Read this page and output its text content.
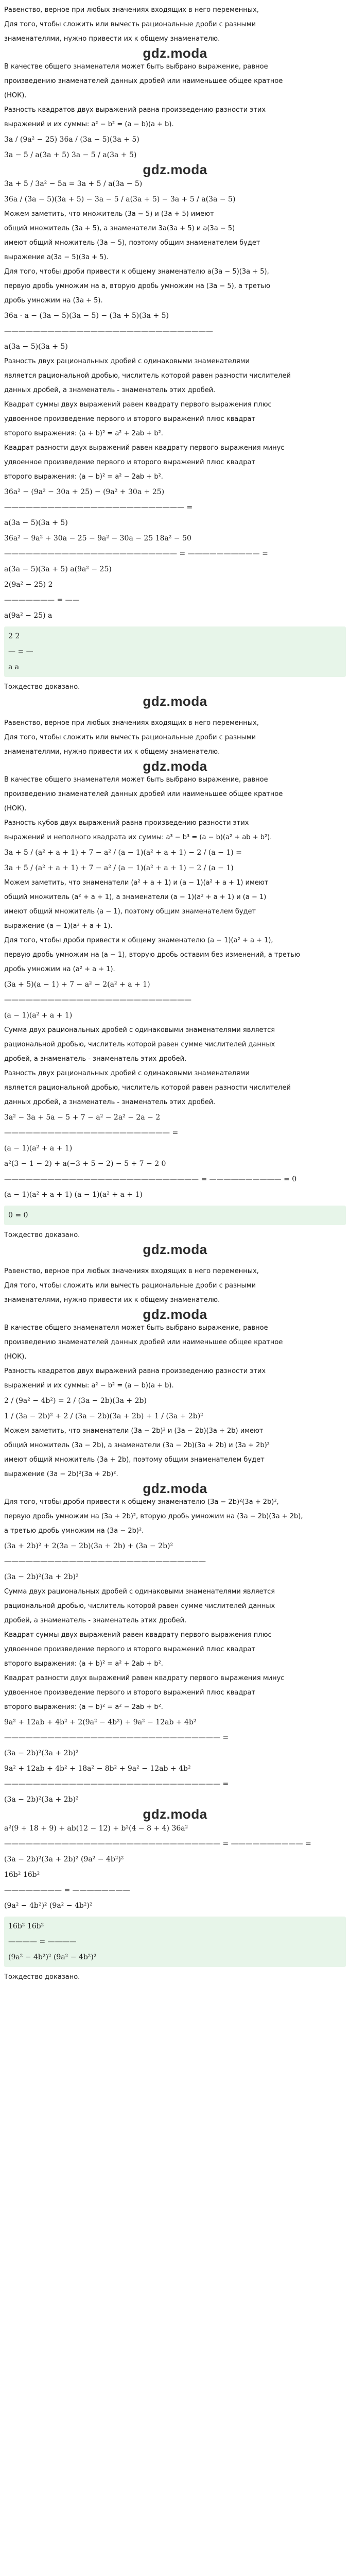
Равенство, верное при любых значениях входящих в него переменных,
Для того, чтобы сложить или вычесть рациональные дроби с разными
знаменателями, нужно привести их к общему знаменателю.
gdz.moda
В качестве общего знаменателя может быть выбрано выражение, равное
произведению знаменателей данных дробей или наименьшее общее кратное
(НОК).
Разность квадратов двух выражений равна произведению разности этих
выражений и их суммы: a² − b² = (a − b)(a + b).
3a / (9a² − 25) 36a / (3a − 5)(3a + 5)
3a − 5 / a(3a + 5) 3a − 5 / a(3a + 5)
gdz.moda
3a + 5 / 3a² − 5a = 3a + 5 / a(3a − 5)
36a / (3a − 5)(3a + 5) − 3a − 5 / a(3a + 5) − 3a + 5 / a(3a − 5)
Можем заметить, что множитель (3a − 5) и (3a + 5) имеют
общий множитель (3a + 5), а знаменатели 3a(3a + 5) и a(3a − 5)
имеют общий множитель (3a − 5), поэтому общим знаменателем будет
выражение a(3a − 5)(3a + 5).
Для того, чтобы дроби привести к общему знаменателю a(3a − 5)(3a + 5),
первую дробь умножим на a, вторую дробь умножим на (3a − 5), а третью
дробь умножим на (3a + 5).
36a · a − (3a − 5)(3a − 5) − (3a + 5)(3a + 5)
—————————————————————————————
a(3a − 5)(3a + 5)
Разность двух рациональных дробей с одинаковыми знаменателями
является рациональной дробью, числитель которой равен разности числителей
данных дробей, а знаменатель - знаменатель этих дробей.
Квадрат суммы двух выражений равен квадрату первого выражения плюс
удвоенное произведение первого и второго выражений плюс квадрат
второго выражения: (a + b)² = a² + 2ab + b².
Квадрат разности двух выражений равен квадрату первого выражения минус
удвоенное произведение первого и второго выражений плюс квадрат
второго выражения: (a − b)² = a² − 2ab + b².
36a² − (9a² − 30a + 25) − (9a² + 30a + 25)
————————————————————————— =
a(3a − 5)(3a + 5)
36a² − 9a² + 30a − 25 − 9a² − 30a − 25 18a² − 50
———————————————————————— = —————————— =
a(3a − 5)(3a + 5) a(9a² − 25)
2(9a² − 25) 2
——————— = ——
a(9a² − 25) a
2 2
— = —
a a
Тождество доказано.
gdz.moda
Равенство, верное при любых значениях входящих в него переменных,
Для того, чтобы сложить или вычесть рациональные дроби с разными
знаменателями, нужно привести их к общему знаменателю.
gdz.moda
В качестве общего знаменателя может быть выбрано выражение, равное
произведению знаменателей данных дробей или наименьшее общее кратное
(НОК).
Разность кубов двух выражений равна произведению разности этих
выражений и неполного квадрата их суммы: a³ − b³ = (a − b)(a² + ab + b²).
3a + 5 / (a² + a + 1) + 7 − a² / (a − 1)(a² + a + 1) − 2 / (a − 1) =
3a + 5 / (a² + a + 1) + 7 − a² / (a − 1)(a² + a + 1) − 2 / (a − 1)
Можем заметить, что знаменатели (a² + a + 1) и (a − 1)(a² + a + 1) имеют
общий множитель (a² + a + 1), а знаменатели (a − 1)(a² + a + 1) и (a − 1)
имеют общий множитель (a − 1), поэтому общим знаменателем будет
выражение (a − 1)(a² + a + 1).
Для того, чтобы дроби привести к общему знаменателю (a − 1)(a² + a + 1),
первую дробь умножим на (a − 1), вторую дробь оставим без изменений, а третью
дробь умножим на (a² + a + 1).
(3a + 5)(a − 1) + 7 − a² − 2(a² + a + 1)
——————————————————————————
(a − 1)(a² + a + 1)
Сумма двух рациональных дробей с одинаковыми знаменателями является
рациональной дробью, числитель которой равен сумме числителей данных
дробей, а знаменатель - знаменатель этих дробей.
Разность двух рациональных дробей с одинаковыми знаменателями
является рациональной дробью, числитель которой равен разности числителей
данных дробей, а знаменатель - знаменатель этих дробей.
3a² − 3a + 5a − 5 + 7 − a² − 2a² − 2a − 2
——————————————————————— =
(a − 1)(a² + a + 1)
a²(3 − 1 − 2) + a(−3 + 5 − 2) − 5 + 7 − 2 0
——————————————————————————— = —————————— = 0
(a − 1)(a² + a + 1) (a − 1)(a² + a + 1)
0 = 0
Тождество доказано.
gdz.moda
Равенство, верное при любых значениях входящих в него переменных,
Для того, чтобы сложить или вычесть рациональные дроби с разными
знаменателями, нужно привести их к общему знаменателю.
gdz.moda
В качестве общего знаменателя может быть выбрано выражение, равное
произведению знаменателей данных дробей или наименьшее общее кратное
(НОК).
Разность квадратов двух выражений равна произведению разности этих
выражений и их суммы: a² − b² = (a − b)(a + b).
2 / (9a² − 4b²) = 2 / (3a − 2b)(3a + 2b)
1 / (3a − 2b)² + 2 / (3a − 2b)(3a + 2b) + 1 / (3a + 2b)²
Можем заметить, что знаменатели (3a − 2b)² и (3a − 2b)(3a + 2b) имеют
общий множитель (3a − 2b), а знаменатели (3a − 2b)(3a + 2b) и (3a + 2b)²
имеют общий множитель (3a + 2b), поэтому общим знаменателем будет
выражение (3a − 2b)²(3a + 2b)².
gdz.moda
Для того, чтобы дроби привести к общему знаменателю (3a − 2b)²(3a + 2b)²,
первую дробь умножим на (3a + 2b)², вторую дробь умножим на (3a − 2b)(3a + 2b),
а третью дробь умножим на (3a − 2b)².
(3a + 2b)² + 2(3a − 2b)(3a + 2b) + (3a − 2b)²
————————————————————————————
(3a − 2b)²(3a + 2b)²
Сумма двух рациональных дробей с одинаковыми знаменателями является
рациональной дробью, числитель которой равен сумме числителей данных
дробей, а знаменатель - знаменатель этих дробей.
Квадрат суммы двух выражений равен квадрату первого выражения плюс
удвоенное произведение первого и второго выражений плюс квадрат
второго выражения: (a + b)² = a² + 2ab + b².
Квадрат разности двух выражений равен квадрату первого выражения минус
удвоенное произведение первого и второго выражений плюс квадрат
второго выражения: (a − b)² = a² − 2ab + b².
9a² + 12ab + 4b² + 2(9a² − 4b²) + 9a² − 12ab + 4b²
—————————————————————————————— =
(3a − 2b)²(3a + 2b)²
9a² + 12ab + 4b² + 18a² − 8b² + 9a² − 12ab + 4b²
—————————————————————————————— =
(3a − 2b)²(3a + 2b)²
gdz.moda
a²(9 + 18 + 9) + ab(12 − 12) + b²(4 − 8 + 4) 36a²
—————————————————————————————— = —————————— =
(3a − 2b)²(3a + 2b)² (9a² − 4b²)²
16b² 16b²
———————— = ————————
(9a² − 4b²)² (9a² − 4b²)²
16b² 16b²
———— = ————
(9a² − 4b²)² (9a² − 4b²)²
Тождество доказано.
